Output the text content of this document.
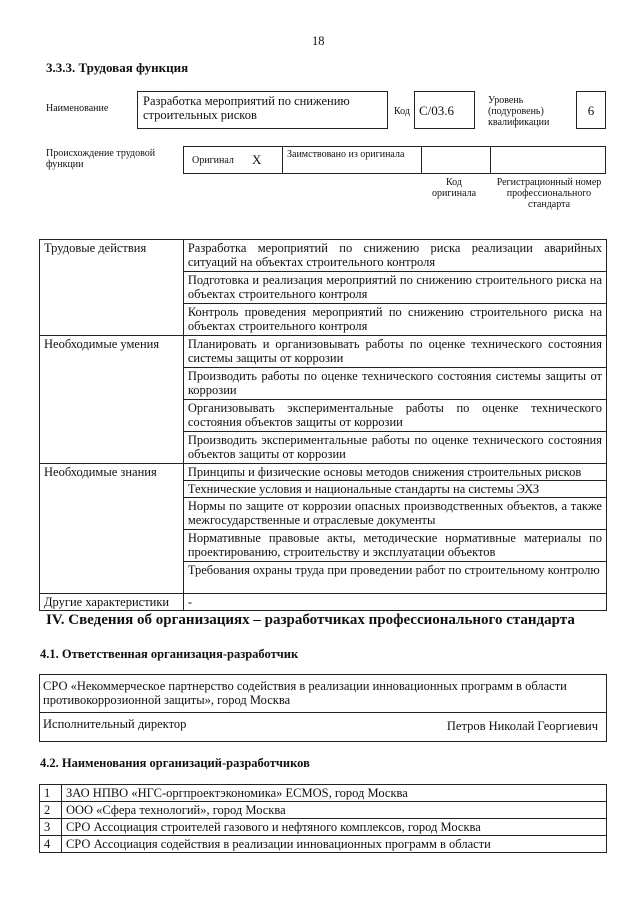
18
3.3.3. Трудовая функция
Наименование
Разработка мероприятий по снижению строительных рисков	Код С/03.6
Уровень (подуровень) квалификации
6
Происхождение трудовой функции	Оригинал X	Заимствовано из оригинала
Код оригинала
Регистрационный номер профессионального стандарта
Трудовые действия	Разработка мероприятий по снижению риска реализации аварийных ситуаций на объектах строительного контроля
	Подготовка и реализация мероприятий по снижению строительного риска на объектах строительного контроля
	Контроль проведения мероприятий по снижению строительного риска на объектах строительного контроля
Необходимые умения	Планировать и организовывать работы по оценке технического состояния системы защиты от коррозии
	Производить работы по оценке технического состояния системы защиты от коррозии
	Организовывать экспериментальные работы по оценке технического состояния объектов защиты от коррозии
	Производить экспериментальные работы по оценке технического состояния объектов защиты от коррозии
Необходимые знания	Принципы и физические основы методов снижения строительных рисков
	Технические условия и национальные стандарты на системы ЭХЗ
	Нормы по защите от коррозии опасных производственных объектов, а также межгосударственные и отраслевые документы
	Нормативные правовые акты, методические нормативные материалы по проектированию, строительству и эксплуатации объектов
	Требования охраны труда при проведении работ по строительному контролю
Другие характеристики	-
IV. Сведения об организациях – разработчиках профессионального стандарта
4.1. Ответственная организация-разработчик
СРО «Некоммерческое партнерство содействия в реализации инновационных программ в области противокоррозионной защиты», город Москва
Исполнительный директор	Петров Николай Георгиевич
4.2. Наименования организаций-разработчиков
1	ЗАО НПВО «НГС-оргпроектэкономика» ECMOS, город Москва
2	ООО «Сфера технологий», город Москва
3	СРО Ассоциация строителей газового и нефтяного комплексов, город Москва
4	СРО Ассоциация содействия в реализации инновационных программ в области
